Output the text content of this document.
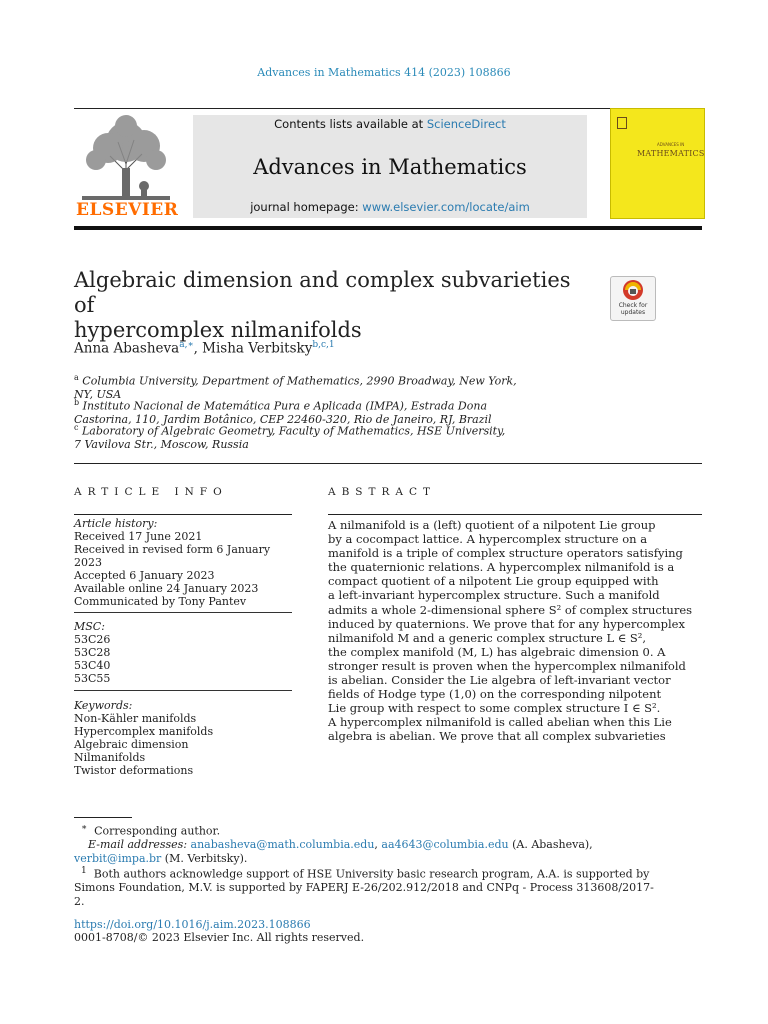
Advances in Mathematics 414 (2023) 108866
ELSEVIER
Contents lists available at ScienceDirect
Advances in Mathematics
journal homepage: www.elsevier.com/locate/aim
ADVANCES IN
MATHEMATICS
Algebraic dimension and complex subvarieties of
hypercomplex nilmanifolds
Check for
updates
Anna Abasheva$^{a,∗}$, Misha Verbitsky$^{b,c,1}$
$^a$ Columbia University, Department of Mathematics, 2990 Broadway, New York,
NY, USA
$^b$ Instituto Nacional de Matemática Pura e Aplicada (IMPA), Estrada Dona
Castorina, 110, Jardim Botânico, CEP 22460-320, Rio de Janeiro, RJ, Brazil
$^c$ Laboratory of Algebraic Geometry, Faculty of Mathematics, HSE University,
7 Vavilova Str., Moscow, Russia
ARTICLE INFO	ABSTRACT
Article history:
Received 17 June 2021
Received in revised form 6 January
2023
Accepted 6 January 2023
Available online 24 January 2023
Communicated by Tony Pantev
MSC:
53C26
53C28
53C40
53C55
Keywords:
Non-Kähler manifolds
Hypercomplex manifolds
Algebraic dimension
Nilmanifolds
Twistor deformations
A nilmanifold is a (left) quotient of a nilpotent Lie group
by a cocompact lattice. A hypercomplex structure on a
manifold is a triple of complex structure operators satisfying
the quaternionic relations. A hypercomplex nilmanifold is a
compact quotient of a nilpotent Lie group equipped with
a left-invariant hypercomplex structure. Such a manifold
admits a whole 2-dimensional sphere S² of complex structures
induced by quaternions. We prove that for any hypercomplex
nilmanifold M and a generic complex structure L ∈ S²,
the complex manifold (M, L) has algebraic dimension 0. A
stronger result is proven when the hypercomplex nilmanifold
is abelian. Consider the Lie algebra of left-invariant vector
fields of Hodge type (1,0) on the corresponding nilpotent
Lie group with respect to some complex structure I ∈ S².
A hypercomplex nilmanifold is called abelian when this Lie
algebra is abelian. We prove that all complex subvarieties
∗ Corresponding author.
E-mail addresses: anabasheva@math.columbia.edu, aa4643@columbia.edu (A. Abasheva),
verbit@impa.br (M. Verbitsky).
$^1$ Both authors acknowledge support of HSE University basic research program, A.A. is supported by
Simons Foundation, M.V. is supported by FAPERJ E-26/202.912/2018 and CNPq - Process 313608/2017-
2.
https://doi.org/10.1016/j.aim.2023.108866
0001-8708/© 2023 Elsevier Inc. All rights reserved.
